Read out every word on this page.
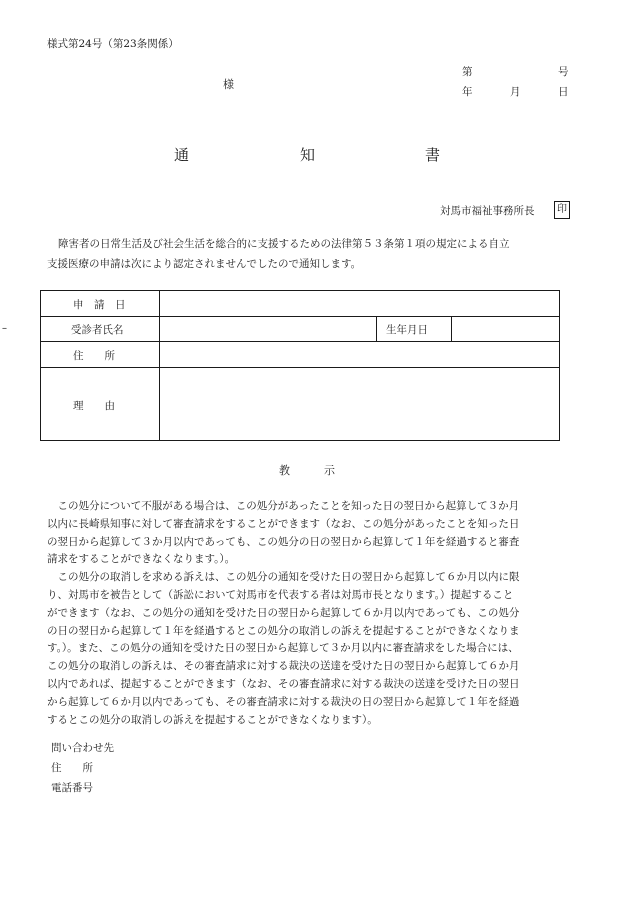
様式第24号（第23条関係）
様
第	号
年	月	日
通	知	書
対馬市福祉事務所長	印

障害者の日常生活及び社会生活を総合的に支援するための法律第５３条第１項の規定による自立

支援医療の申請は次により認定されませんでしたので通知します。

–
申　請　日
受診者氏名	生年月日
住　　所
理　　由
教	示

　この処分について不服がある場合は、この処分があったことを知った日の翌日から起算して３か月

以内に長崎県知事に対して審査請求をすることができます（なお、この処分があったことを知った日

の翌日から起算して３か月以内であっても、この処分の日の翌日から起算して１年を経過すると審査

請求をすることができなくなります。）。

　この処分の取消しを求める訴えは、この処分の通知を受けた日の翌日から起算して６か月以内に限

り、対馬市を被告として（訴訟において対馬市を代表する者は対馬市長となります。）提起すること

ができます（なお、この処分の通知を受けた日の翌日から起算して６か月以内であっても、この処分

の日の翌日から起算して１年を経過するとこの処分の取消しの訴えを提起することができなくなりま

す。）。また、この処分の通知を受けた日の翌日から起算して３か月以内に審査請求をした場合には、

この処分の取消しの訴えは、その審査請求に対する裁決の送達を受けた日の翌日から起算して６か月

以内であれば、提起することができます（なお、その審査請求に対する裁決の送達を受けた日の翌日

から起算して６か月以内であっても、その審査請求に対する裁決の日の翌日から起算して１年を経過

するとこの処分の取消しの訴えを提起することができなくなります）。

問い合わせ先
住　　所
電話番号
